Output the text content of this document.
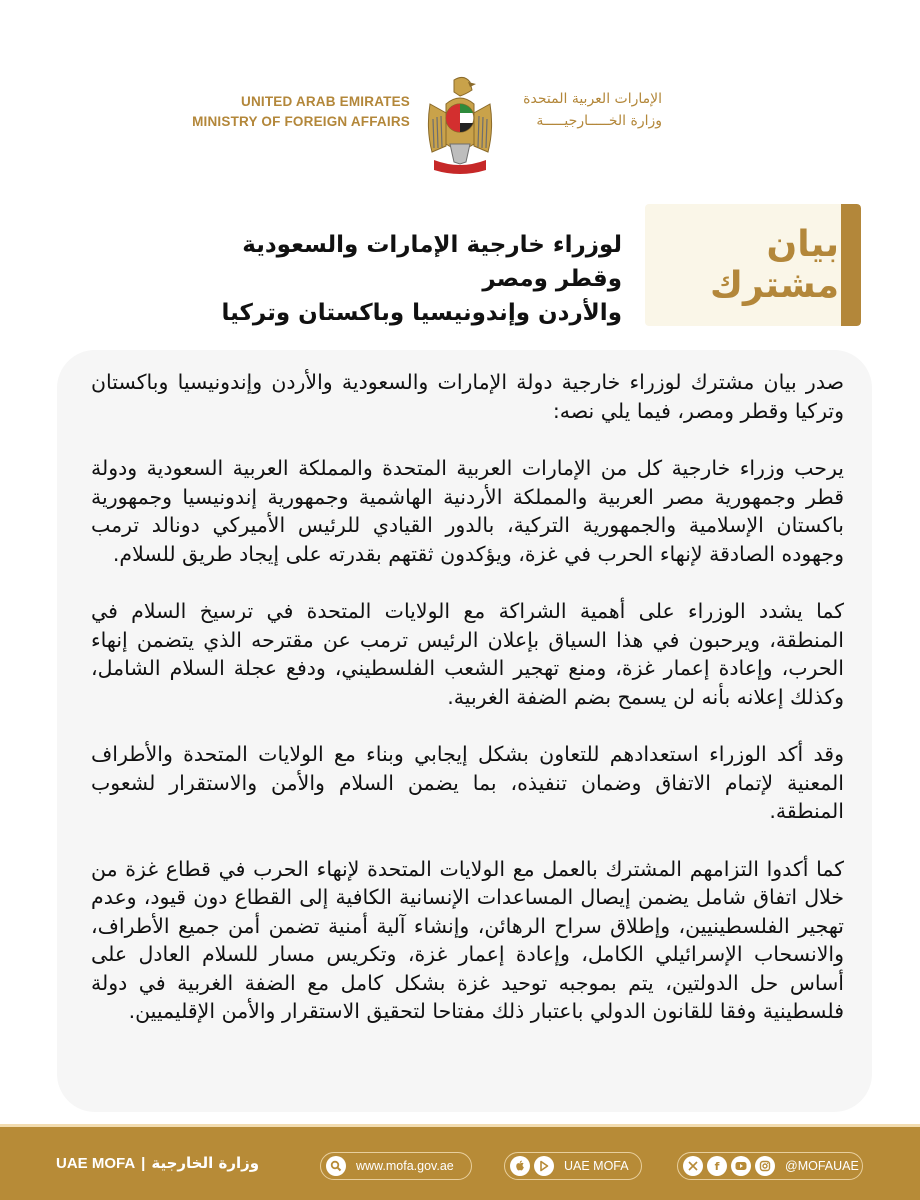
UNITED ARAB EMIRATES
MINISTRY OF FOREIGN AFFAIRS
الإمارات العربية المتحدة
وزارة الخـــــارجيـــــة
بيان مشترك
لوزراء خارجية الإمارات والسعودية وقطر ومصر
والأردن وإندونيسيا وباكستان وتركيا

صدر بيان مشترك لوزراء خارجية دولة الإمارات والسعودية والأردن وإندونيسيا وباكستان وتركيا وقطر ومصر، فيما يلي نصه:

يرحب وزراء خارجية كل من الإمارات العربية المتحدة والمملكة العربية السعودية ودولة قطر وجمهورية مصر العربية والمملكة الأردنية الهاشمية وجمهورية إندونيسيا وجمهورية باكستان الإسلامية والجمهورية التركية، بالدور القيادي للرئيس الأميركي دونالد ترمب وجهوده الصادقة لإنهاء الحرب في غزة، ويؤكدون ثقتهم بقدرته على إيجاد طريق للسلام.

كما يشدد الوزراء على أهمية الشراكة مع الولايات المتحدة في ترسيخ السلام في المنطقة، ويرحبون في هذا السياق بإعلان الرئيس ترمب عن مقترحه الذي يتضمن إنهاء الحرب، وإعادة إعمار غزة، ومنع تهجير الشعب الفلسطيني، ودفع عجلة السلام الشامل، وكذلك إعلانه بأنه لن يسمح بضم الضفة الغربية.

وقد أكد الوزراء استعدادهم للتعاون بشكل إيجابي وبناء مع الولايات المتحدة والأطراف المعنية لإتمام الاتفاق وضمان تنفيذه، بما يضمن السلام والأمن والاستقرار لشعوب المنطقة.

كما أكدوا التزامهم المشترك بالعمل مع الولايات المتحدة لإنهاء الحرب في قطاع غزة من خلال اتفاق شامل يضمن إيصال المساعدات الإنسانية الكافية إلى القطاع دون قيود، وعدم تهجير الفلسطينيين، وإطلاق سراح الرهائن، وإنشاء آلية أمنية تضمن أمن جميع الأطراف، والانسحاب الإسرائيلي الكامل، وإعادة إعمار غزة، وتكريس مسار للسلام العادل على أساس حل الدولتين، يتم بموجبه توحيد غزة بشكل كامل مع الضفة الغربية في دولة فلسطينية وفقا للقانون الدولي باعتبار ذلك مفتاحا لتحقيق الاستقرار والأمن الإقليميين.

UAE MOFA | وزارة الخارجية	www.mofa.gov.ae	UAE MOFA	f	@MOFAUAE
